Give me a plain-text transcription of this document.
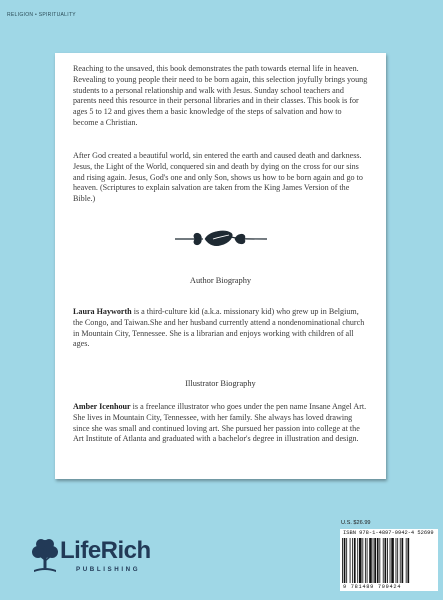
RELIGION • SPIRITUALITY

Reaching to the unsaved, this book demonstrates the path towards eternal life in heaven. Revealing to young people their need to be born again, this selection joyfully brings young students to a personal relationship and walk with Jesus. Sunday school teachers and parents need this resource in their personal libraries and in their classes. This book is for ages 5 to 12 and gives them a basic knowledge of the steps of salvation and how to become a Christian.

After God created a beautiful world, sin entered the earth and caused death and darkness. Jesus, the Light of the World, conquered sin and death by dying on the cross for our sins and rising again. Jesus, God's one and only Son, shows us how to be born again and go to heaven. (Scriptures to explain salvation are taken from the King James Version of the Bible.)

Author Biography

Laura Hayworth is a third-culture kid (a.k.a. missionary kid) who grew up in Belgium, the Congo, and Taiwan.She and her husband currently attend a nondenominational church in Mountain City, Tennessee. She is a librarian and enjoys working with children of all ages.

Illustrator Biography

Amber Icenhour is a freelance illustrator who goes under the pen name Insane Angel Art. She lives in Mountain City, Tennessee, with her family. She always has loved drawing since she was small and continued loving art. She pursued her passion into college at the Art Institute of Atlanta and graduated with a bachelor's degree in illustration and design.

LifeRich
PUBLISHING
U.S. $26.99
ISBN 978-1-4897-0942-4 52699
9 781489 709424
